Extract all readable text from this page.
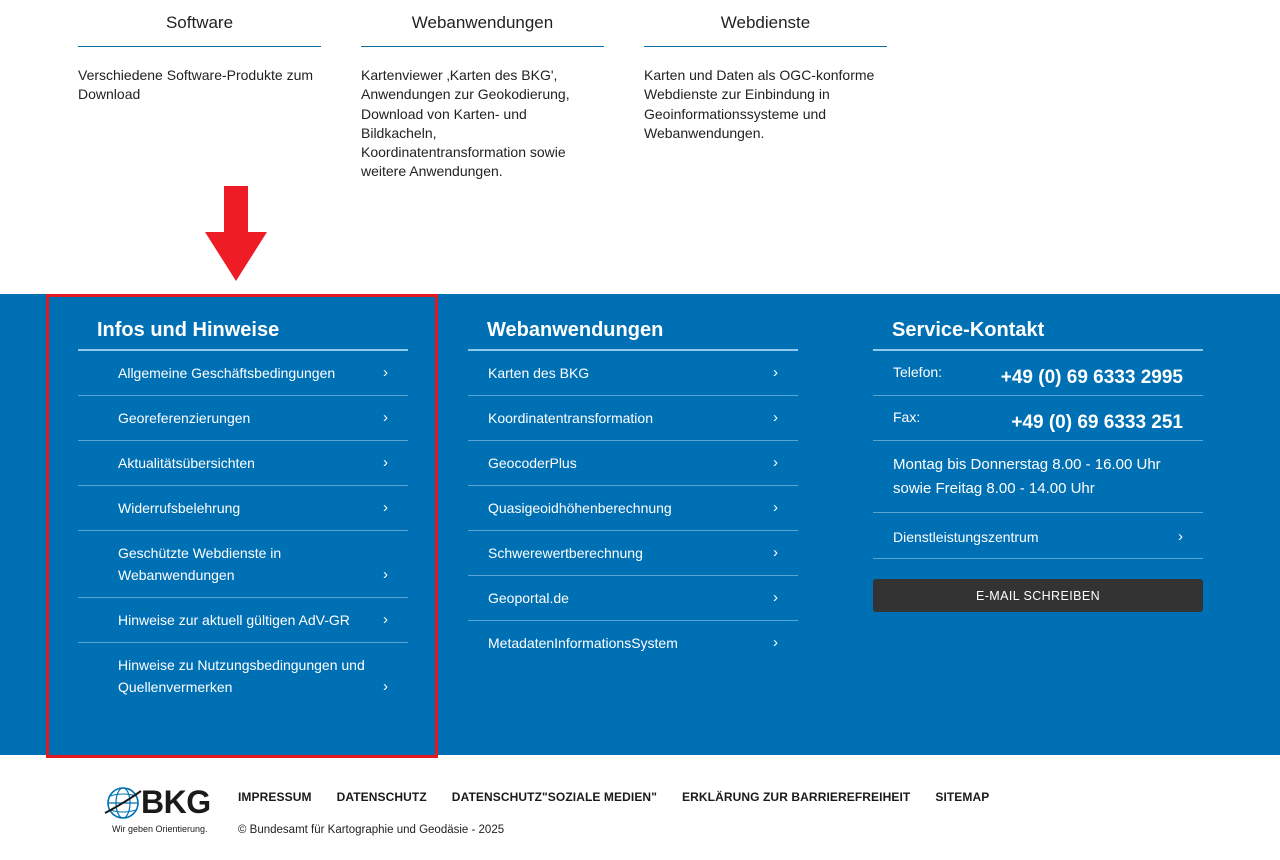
Software
Verschiedene Software-Produkte zum Download
Webanwendungen
Kartenviewer ‚Karten des BKG', Anwendungen zur Geokodierung, Download von Karten- und Bildkacheln, Koordinatentransformation sowie weitere Anwendungen.
Webdienste
Karten und Daten als OGC-konforme Webdienste zur Einbindung in Geoinformationssysteme und Webanwendungen.
Infos und Hinweise
Allgemeine Geschäftsbedingungen	›
Georeferenzierungen	›
Aktualitätsübersichten	›
Widerrufsbelehrung	›
Geschützte Webdienste in Webanwendungen	›
Hinweise zur aktuell gültigen AdV-GR	›
Hinweise zu Nutzungsbedingungen und Quellenvermerken	›
Webanwendungen
Karten des BKG	›
Koordinatentransformation	›
GeocoderPlus	›
Quasigeoidhöhenberechnung	›
Schwerewertberechnung	›
Geoportal.de	›
MetadatenInformationsSystem	›
Service-Kontakt
Telefon:	+49 (0) 69 6333 2995
Fax:	+49 (0) 69 6333 251
Montag bis Donnerstag 8.00 - 16.00 Uhr
sowie Freitag 8.00 - 14.00 Uhr
Dienstleistungszentrum	›
E-MAIL SCHREIBEN
BKG
Wir geben Orientierung.
IMPRESSUM DATENSCHUTZ DATENSCHUTZ"SOZIALE MEDIEN" ERKLÄRUNG ZUR BARRIEREFREIHEIT SITEMAP
© Bundesamt für Kartographie und Geodäsie - 2025
